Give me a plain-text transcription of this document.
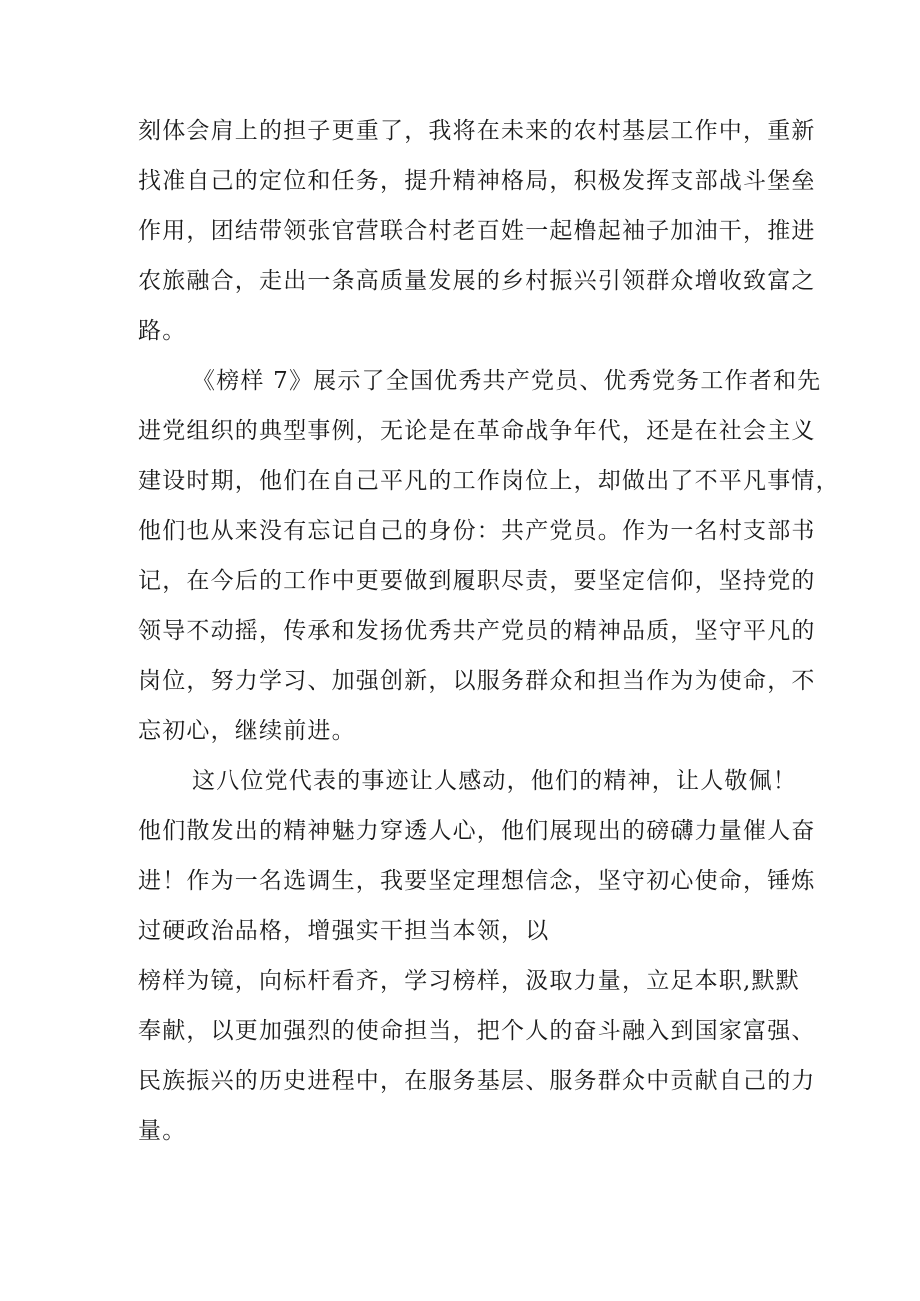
刻体会肩上的担子更重了，我将在未来的农村基层工作中，重新
找准自己的定位和任务，提升精神格局，积极发挥支部战斗堡垒
作用，团结带领张官营联合村老百姓一起橹起袖子加油干，推进
农旅融合，走出一条高质量发展的乡村振兴引领群众增收致富之
路。
《榜样 7》展示了全国优秀共产党员、优秀党务工作者和先
进党组织的典型事例，无论是在革命战争年代，还是在社会主义
建设时期，他们在自己平凡的工作岗位上，却做出了不平凡事情，
他们也从来没有忘记自己的身份：共产党员。作为一名村支部书
记，在今后的工作中更要做到履职尽责，要坚定信仰，坚持党的
领导不动摇，传承和发扬优秀共产党员的精神品质，坚守平凡的
岗位，努力学习、加强创新，以服务群众和担当作为为使命，不
忘初心，继续前进。
这八位党代表的事迹让人感动，他们的精神，让人敬佩！
他们散发出的精神魅力穿透人心，他们展现出的磅礴力量催人奋
进！作为一名选调生，我要坚定理想信念，坚守初心使命，锤炼
过硬政治品格，增强实干担当本领，以
榜样为镜，向标杆看齐，学习榜样，汲取力量，立足本职,默默
奉献，以更加强烈的使命担当，把个人的奋斗融入到国家富强、
民族振兴的历史进程中，在服务基层、服务群众中贡献自己的力
量。
